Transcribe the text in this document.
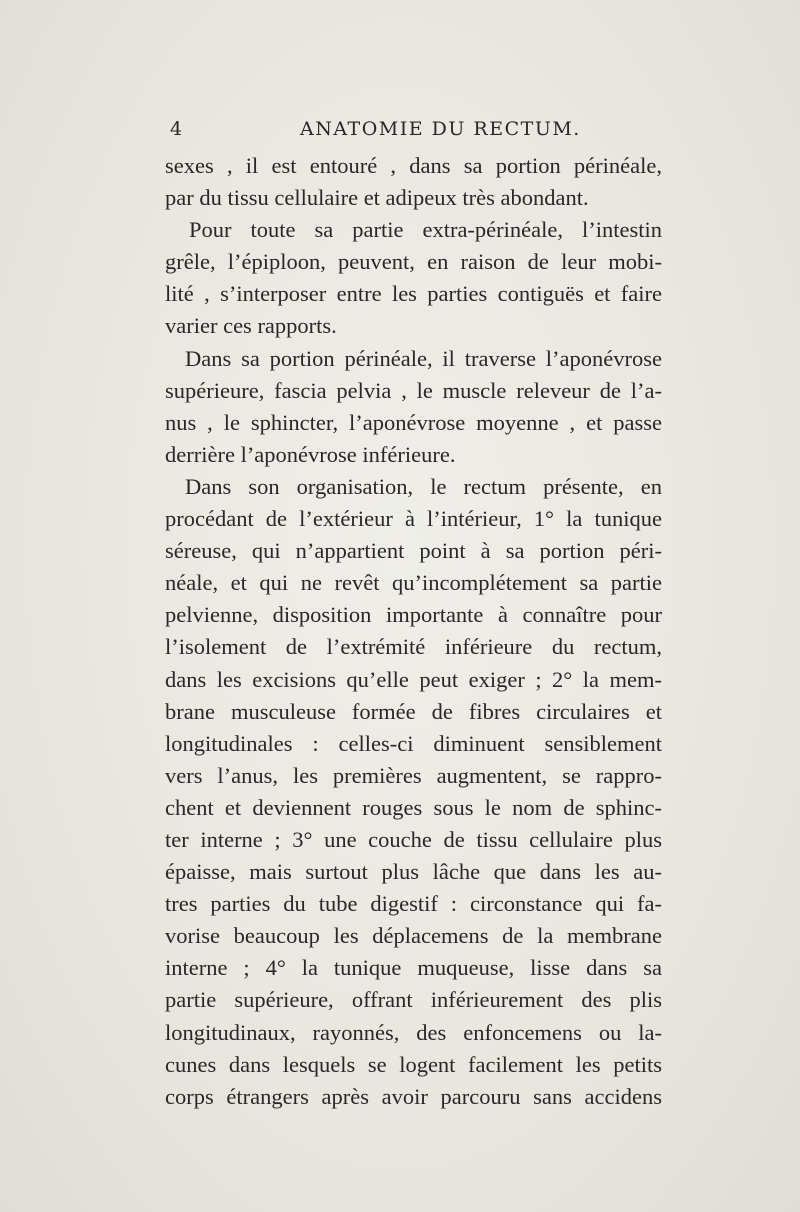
4	ANATOMIE DU RECTUM.
sexes , il est entouré , dans sa portion périnéale,
par du tissu cellulaire et adipeux très abondant.
Pour toute sa partie extra-périnéale, l’intestin
grêle, l’épiploon, peuvent, en raison de leur mobi-
lité , s’interposer entre les parties contiguës et faire
varier ces rapports.
Dans sa portion périnéale, il traverse l’aponévrose
supérieure, fascia pelvia , le muscle releveur de l’a-
nus , le sphincter, l’aponévrose moyenne , et passe
derrière l’aponévrose inférieure.
Dans son organisation, le rectum présente, en
procédant de l’extérieur à l’intérieur, 1° la tunique
séreuse, qui n’appartient point à sa portion péri-
néale, et qui ne revêt qu’incomplétement sa partie
pelvienne, disposition importante à connaître pour
l’isolement de l’extrémité inférieure du rectum,
dans les excisions qu’elle peut exiger ; 2° la mem-
brane musculeuse formée de fibres circulaires et
longitudinales : celles-ci diminuent sensiblement
vers l’anus, les premières augmentent, se rappro-
chent et deviennent rouges sous le nom de sphinc-
ter interne ; 3° une couche de tissu cellulaire plus
épaisse, mais surtout plus lâche que dans les au-
tres parties du tube digestif : circonstance qui fa-
vorise beaucoup les déplacemens de la membrane
interne ; 4° la tunique muqueuse, lisse dans sa
partie supérieure, offrant inférieurement des plis
longitudinaux, rayonnés, des enfoncemens ou la-
cunes dans lesquels se logent facilement les petits
corps étrangers après avoir parcouru sans accidens
